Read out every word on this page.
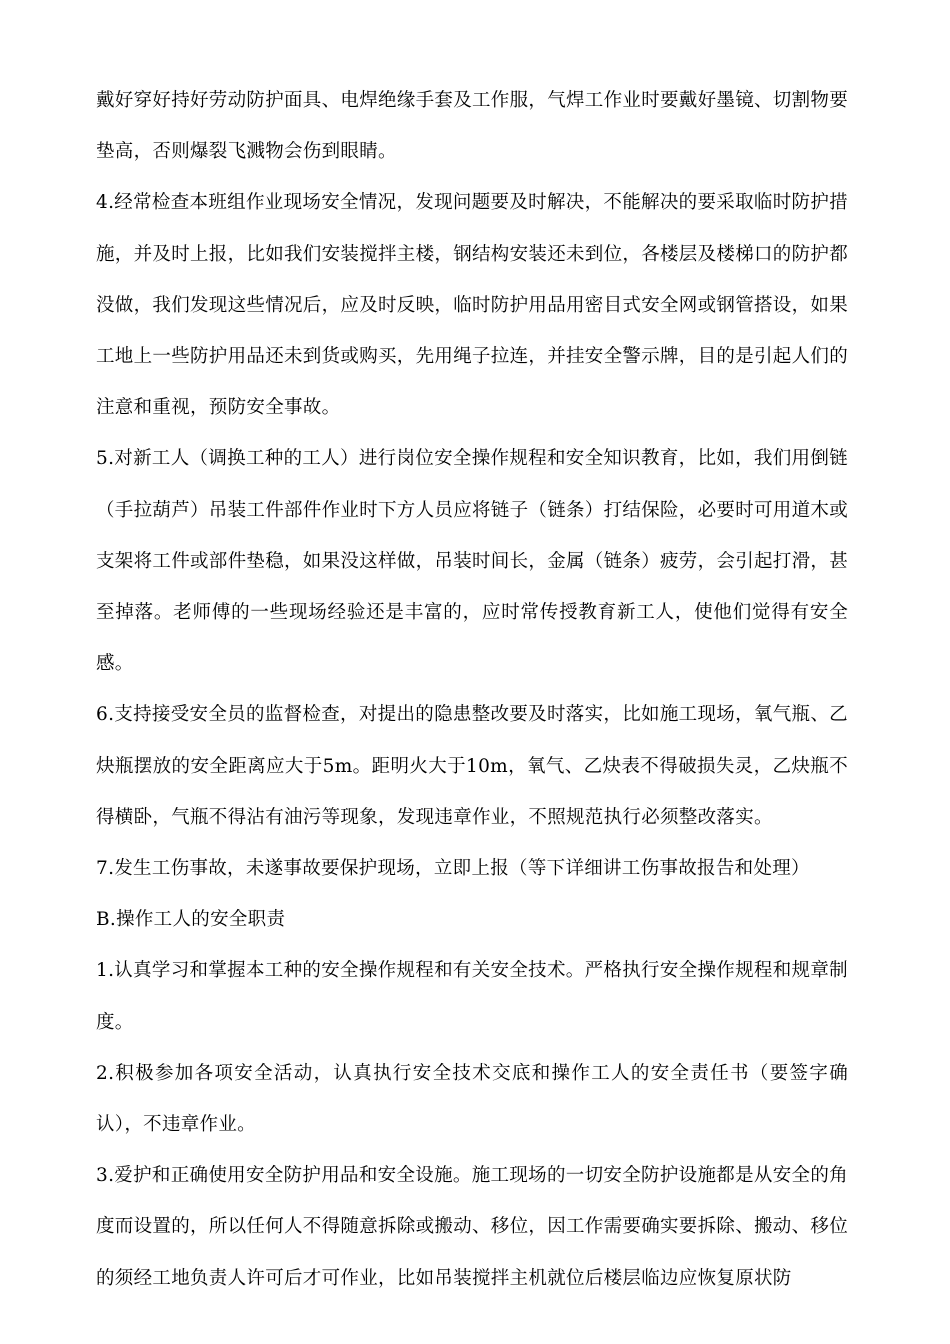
戴好穿好持好劳动防护面具、电焊绝缘手套及工作服，气焊工作业时要戴好墨镜、切割物要垫高，否则爆裂飞溅物会伤到眼睛。

4.经常检查本班组作业现场安全情况，发现问题要及时解决，不能解决的要采取临时防护措施，并及时上报，比如我们安装搅拌主楼，钢结构安装还未到位，各楼层及楼梯口的防护都没做，我们发现这些情况后，应及时反映，临时防护用品用密目式安全网或钢管搭设，如果工地上一些防护用品还未到货或购买，先用绳子拉连，并挂安全警示牌，目的是引起人们的注意和重视，预防安全事故。

5.对新工人（调换工种的工人）进行岗位安全操作规程和安全知识教育，比如，我们用倒链（手拉葫芦）吊装工件部件作业时下方人员应将链子（链条）打结保险，必要时可用道木或支架将工件或部件垫稳，如果没这样做，吊装时间长，金属（链条）疲劳，会引起打滑，甚至掉落。老师傅的一些现场经验还是丰富的，应时常传授教育新工人，使他们觉得有安全感。

6.支持接受安全员的监督检查，对提出的隐患整改要及时落实，比如施工现场，氧气瓶、乙炔瓶摆放的安全距离应大于5m。距明火大于10m，氧气、乙炔表不得破损失灵，乙炔瓶不得横卧，气瓶不得沾有油污等现象，发现违章作业，不照规范执行必须整改落实。

7.发生工伤事故，未遂事故要保护现场，立即上报（等下详细讲工伤事故报告和处理）

B.操作工人的安全职责

1.认真学习和掌握本工种的安全操作规程和有关安全技术。严格执行安全操作规程和规章制度。

2.积极参加各项安全活动，认真执行安全技术交底和操作工人的安全责任书（要签字确认），不违章作业。

3.爱护和正确使用安全防护用品和安全设施。施工现场的一切安全防护设施都是从安全的角度而设置的，所以任何人不得随意拆除或搬动、移位，因工作需要确实要拆除、搬动、移位的须经工地负责人许可后才可作业，比如吊装搅拌主机就位后楼层临边应恢复原状防
